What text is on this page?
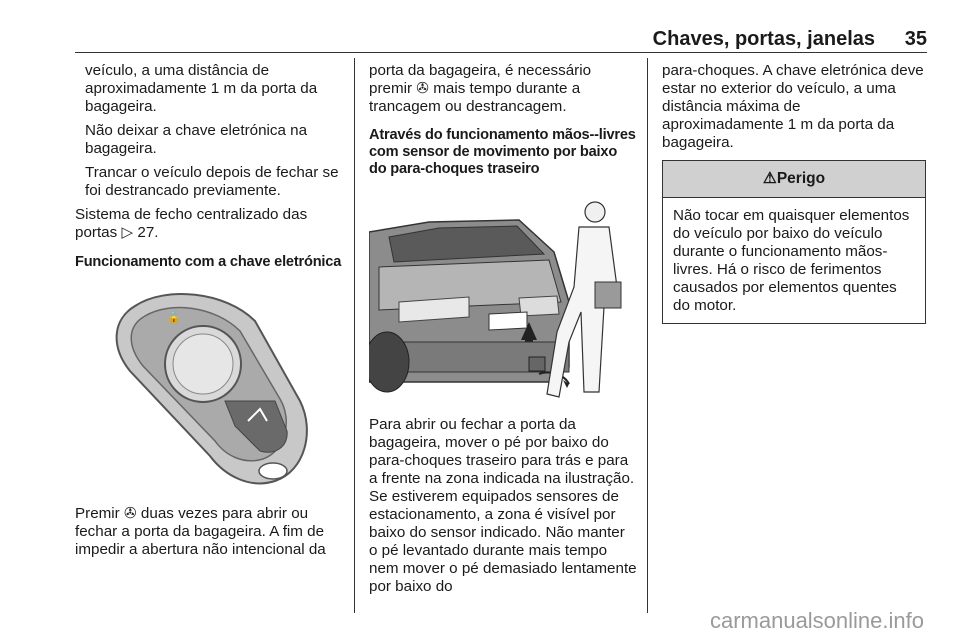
Chaves, portas, janelas 35

veículo, a uma distância de aproximadamente 1 m da porta da bagageira.

Não deixar a chave eletrónica na bagageira.

Trancar o veículo depois de fechar se foi destrancado previamente.

Sistema de fecho centralizado das portas ▷ 27.

Funcionamento com a chave eletrónica
🔒

Premir ✇ duas vezes para abrir ou fechar a porta da bagageira. A fim de impedir a abertura não intencional da

porta da bagageira, é necessário premir ✇ mais tempo durante a trancagem ou destrancagem.

Através do funcionamento mãos--livres com sensor de movimento por baixo do para-choques traseiro

Para abrir ou fechar a porta da bagageira, mover o pé por baixo do para-choques traseiro para trás e para a frente na zona indicada na ilustração. Se estiverem equipados sensores de estacionamento, a zona é visível por baixo do sensor indicado. Não manter o pé levantado durante mais tempo nem mover o pé demasiado lentamente por baixo do

para-choques. A chave eletrónica deve estar no exterior do veículo, a uma distância máxima de aproximadamente 1 m da porta da bagageira.

⚠Perigo

Não tocar em quaisquer elementos do veículo por baixo do veículo durante o funcionamento mãos-livres. Há o risco de ferimentos causados por elementos quentes do motor.

carmanualsonline.info
